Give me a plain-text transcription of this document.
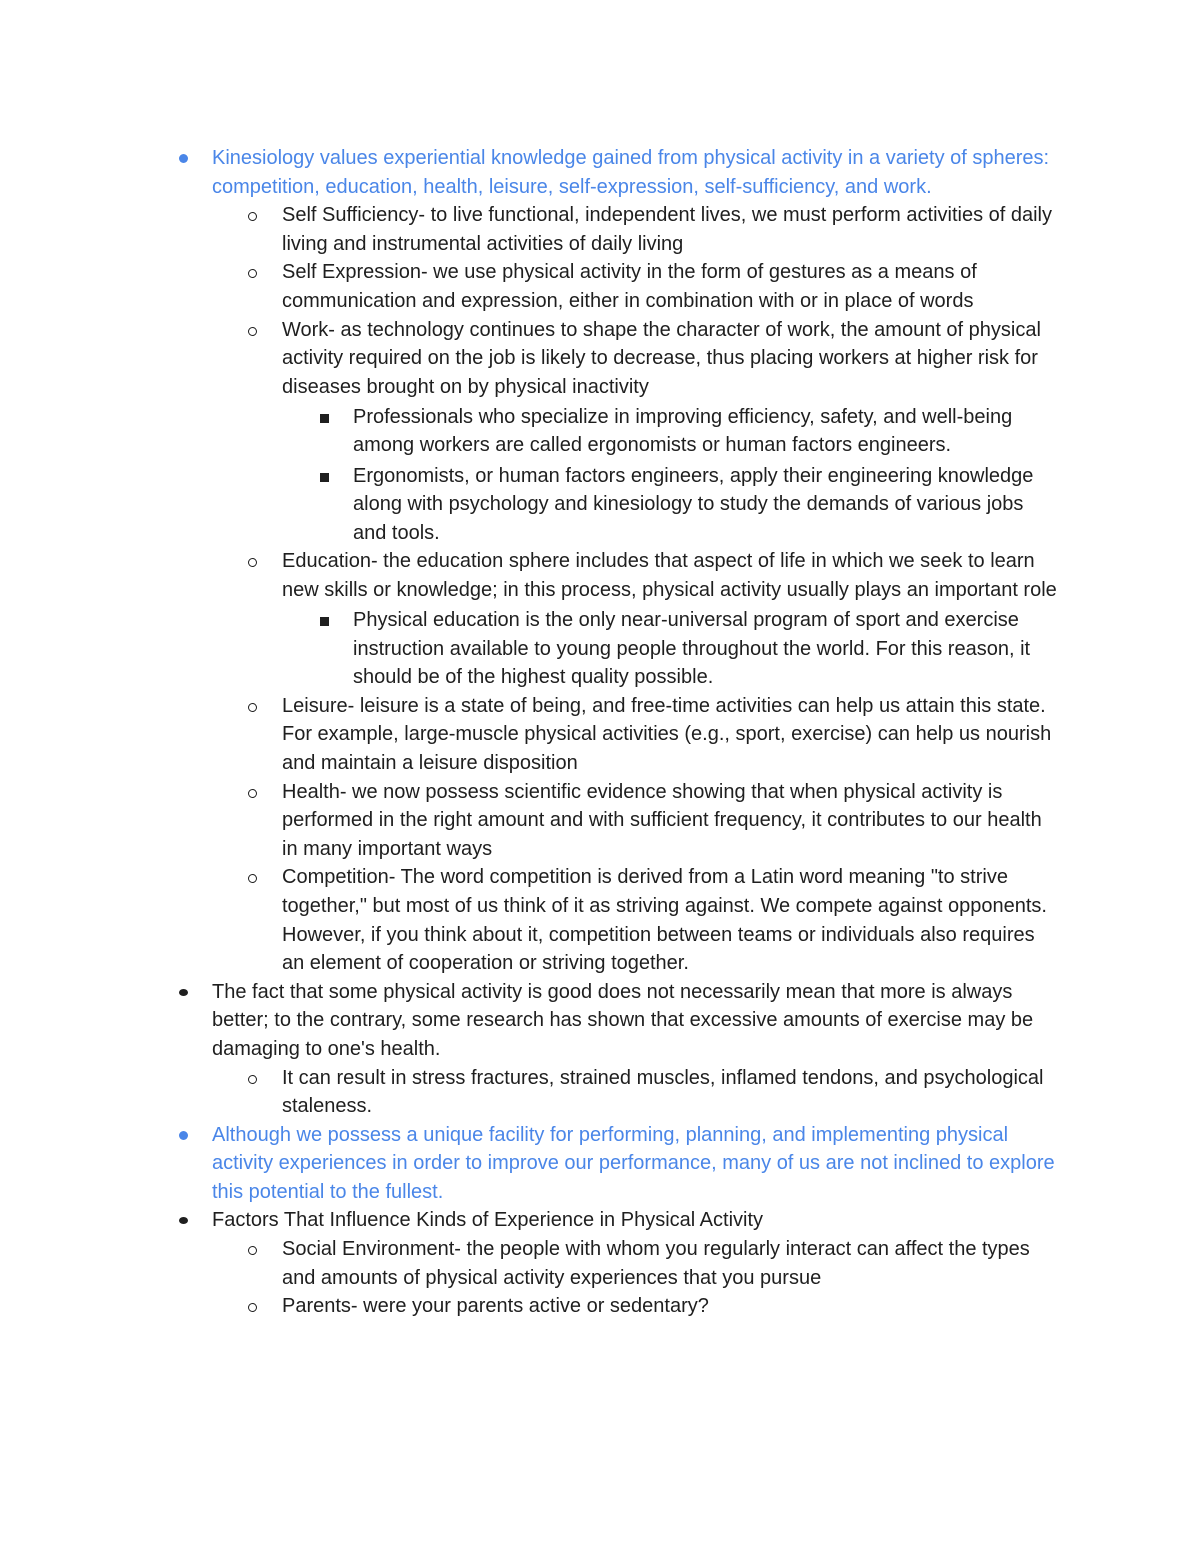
Kinesiology values experiential knowledge gained from physical activity in a variety of spheres: competition, education, health, leisure, self-expression, self-sufficiency, and work.
Self Sufficiency- to live functional, independent lives, we must perform activities of daily living and instrumental activities of daily living
Self Expression- we use physical activity in the form of gestures as a means of communication and expression, either in combination with or in place of words
Work- as technology continues to shape the character of work, the amount of physical activity required on the job is likely to decrease, thus placing workers at higher risk for diseases brought on by physical inactivity
Professionals who specialize in improving efficiency, safety, and well-being among workers are called ergonomists or human factors engineers.
Ergonomists, or human factors engineers, apply their engineering knowledge along with psychology and kinesiology to study the demands of various jobs and tools.
Education- the education sphere includes that aspect of life in which we seek to learn new skills or knowledge; in this process, physical activity usually plays an important role
Physical education is the only near-universal program of sport and exercise instruction available to young people throughout the world. For this reason, it should be of the highest quality possible.
Leisure- leisure is a state of being, and free-time activities can help us attain this state. For example, large-muscle physical activities (e.g., sport, exercise) can help us nourish and maintain a leisure disposition
Health- we now possess scientific evidence showing that when physical activity is performed in the right amount and with sufficient frequency, it contributes to our health in many important ways
Competition- The word competition is derived from a Latin word meaning "to strive together," but most of us think of it as striving against. We compete against opponents. However, if you think about it, competition between teams or individuals also requires an element of cooperation or striving together.
The fact that some physical activity is good does not necessarily mean that more is always better; to the contrary, some research has shown that excessive amounts of exercise may be damaging to one's health.
It can result in stress fractures, strained muscles, inflamed tendons, and psychological staleness.
Although we possess a unique facility for performing, planning, and implementing physical activity experiences in order to improve our performance, many of us are not inclined to explore this potential to the fullest.
Factors That Influence Kinds of Experience in Physical Activity
Social Environment- the people with whom you regularly interact can affect the types and amounts of physical activity experiences that you pursue
Parents- were your parents active or sedentary?
